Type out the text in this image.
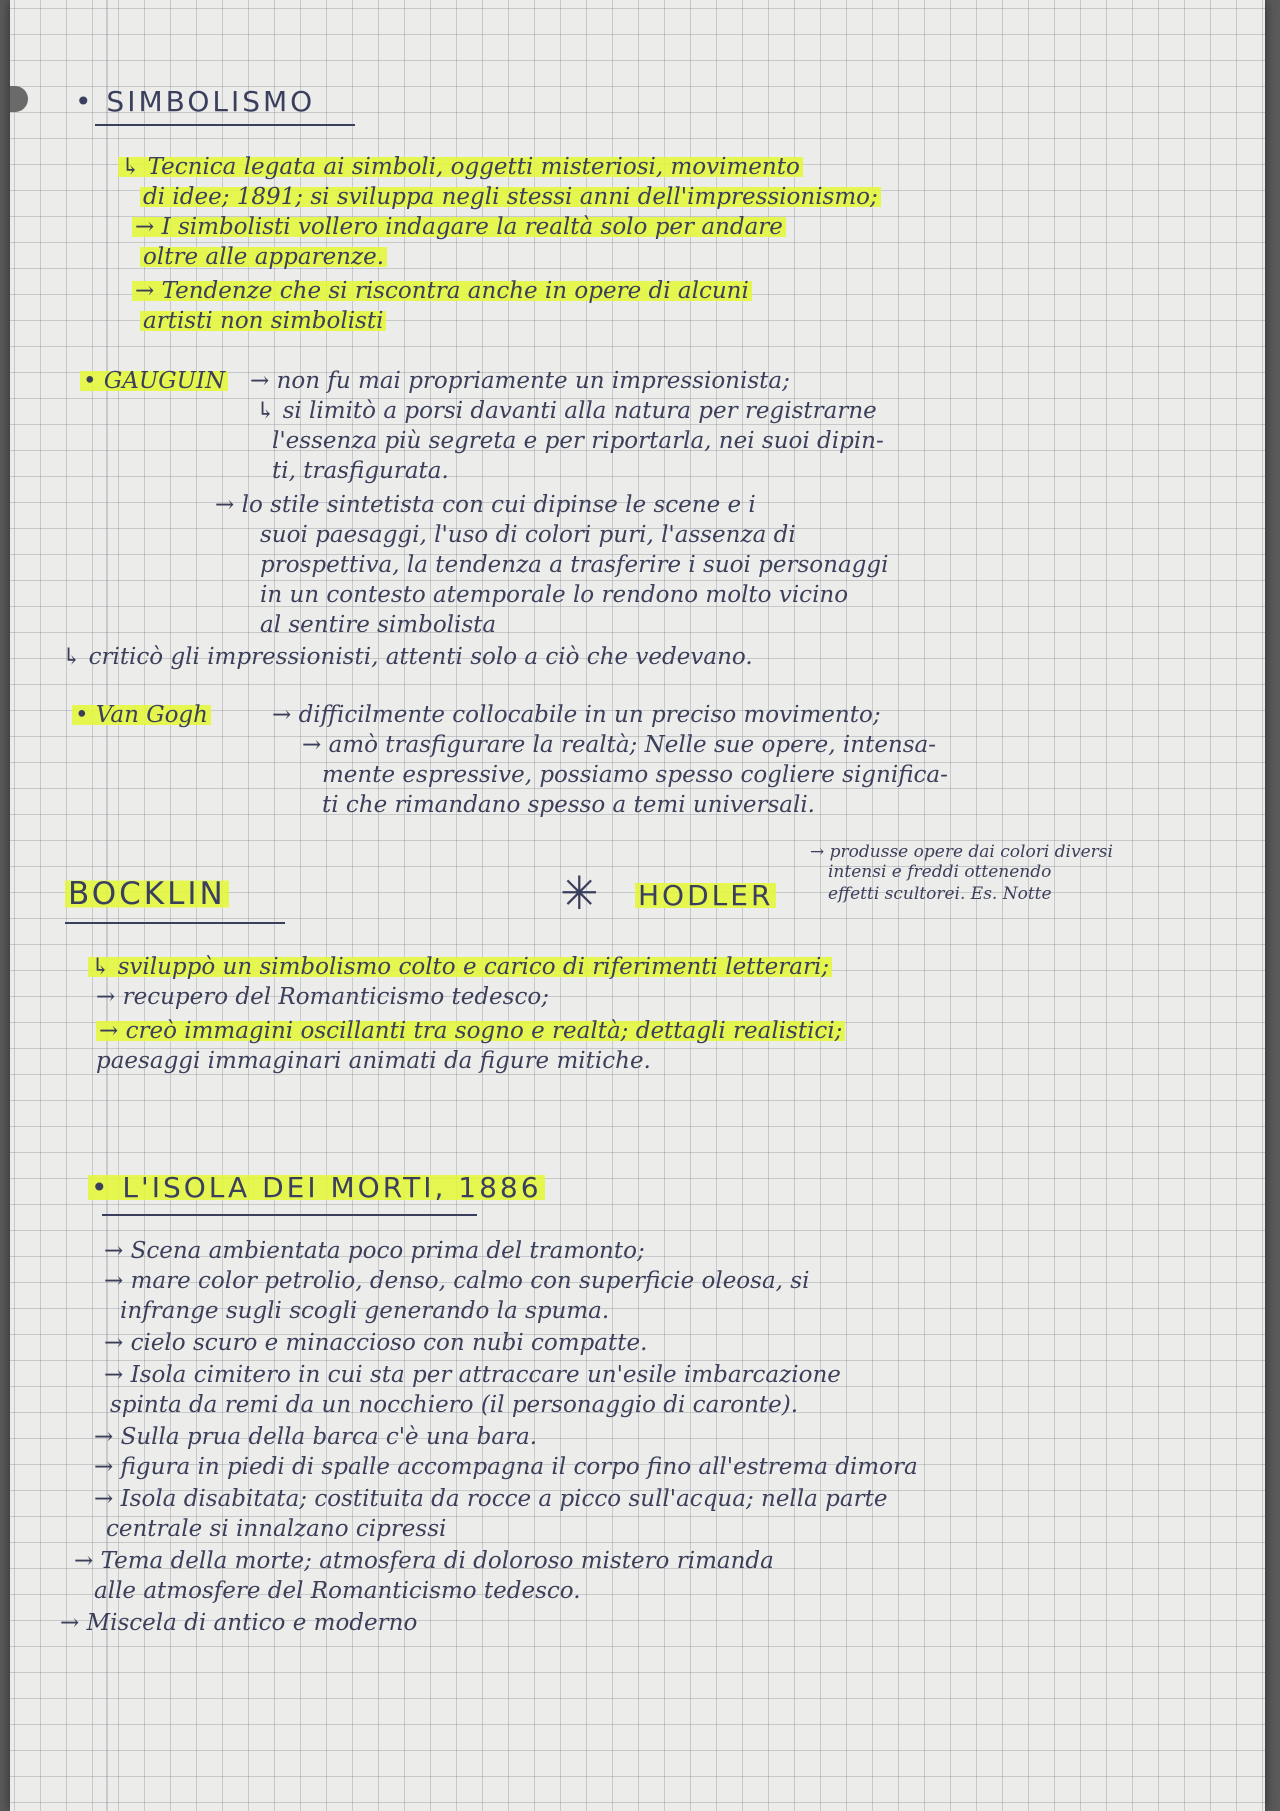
• SIMBOLISMO
↳ Tecnica legata ai simboli, oggetti misteriosi, movimento
di idee; 1891; si sviluppa negli stessi anni dell'impressionismo;
→ I simbolisti vollero indagare la realtà solo per andare
oltre alle apparenze.
→ Tendenze che si riscontra anche in opere di alcuni
artisti non simbolisti
• GAUGUIN → non fu mai propriamente un impressionista;
↳ si limitò a porsi davanti alla natura per registrarne
l'essenza più segreta e per riportarla, nei suoi dipin-
ti, trasfigurata.
→ lo stile sintetista con cui dipinse le scene e i
suoi paesaggi, l'uso di colori puri, l'assenza di
prospettiva, la tendenza a trasferire i suoi personaggi
in un contesto atemporale lo rendono molto vicino
al sentire simbolista
↳ criticò gli impressionisti, attenti solo a ciò che vedevano.
• Van Gogh	→ difficilmente collocabile in un preciso movimento;
→ amò trasfigurare la realtà; Nelle sue opere, intensa-
mente espressive, possiamo spesso cogliere significa-
ti che rimandano spesso a temi universali.
BOCKLIN	✳ HODLER
→ produsse opere dai colori diversi
intensi e freddi ottenendo
effetti scultorei. Es. Notte
↳ sviluppò un simbolismo colto e carico di riferimenti letterari;
→ recupero del Romanticismo tedesco;
→ creò immagini oscillanti tra sogno e realtà; dettagli realistici;
paesaggi immaginari animati da figure mitiche.
• L'ISOLA DEI MORTI, 1886
→ Scena ambientata poco prima del tramonto;
→ mare color petrolio, denso, calmo con superficie oleosa, si
infrange sugli scogli generando la spuma.
→ cielo scuro e minaccioso con nubi compatte.
→ Isola cimitero in cui sta per attraccare un'esile imbarcazione
spinta da remi da un nocchiero (il personaggio di caronte).
→ Sulla prua della barca c'è una bara.
→ figura in piedi di spalle accompagna il corpo fino all'estrema dimora
→ Isola disabitata; costituita da rocce a picco sull'acqua; nella parte
centrale si innalzano cipressi
→ Tema della morte; atmosfera di doloroso mistero rimanda
alle atmosfere del Romanticismo tedesco.
→ Miscela di antico e moderno
